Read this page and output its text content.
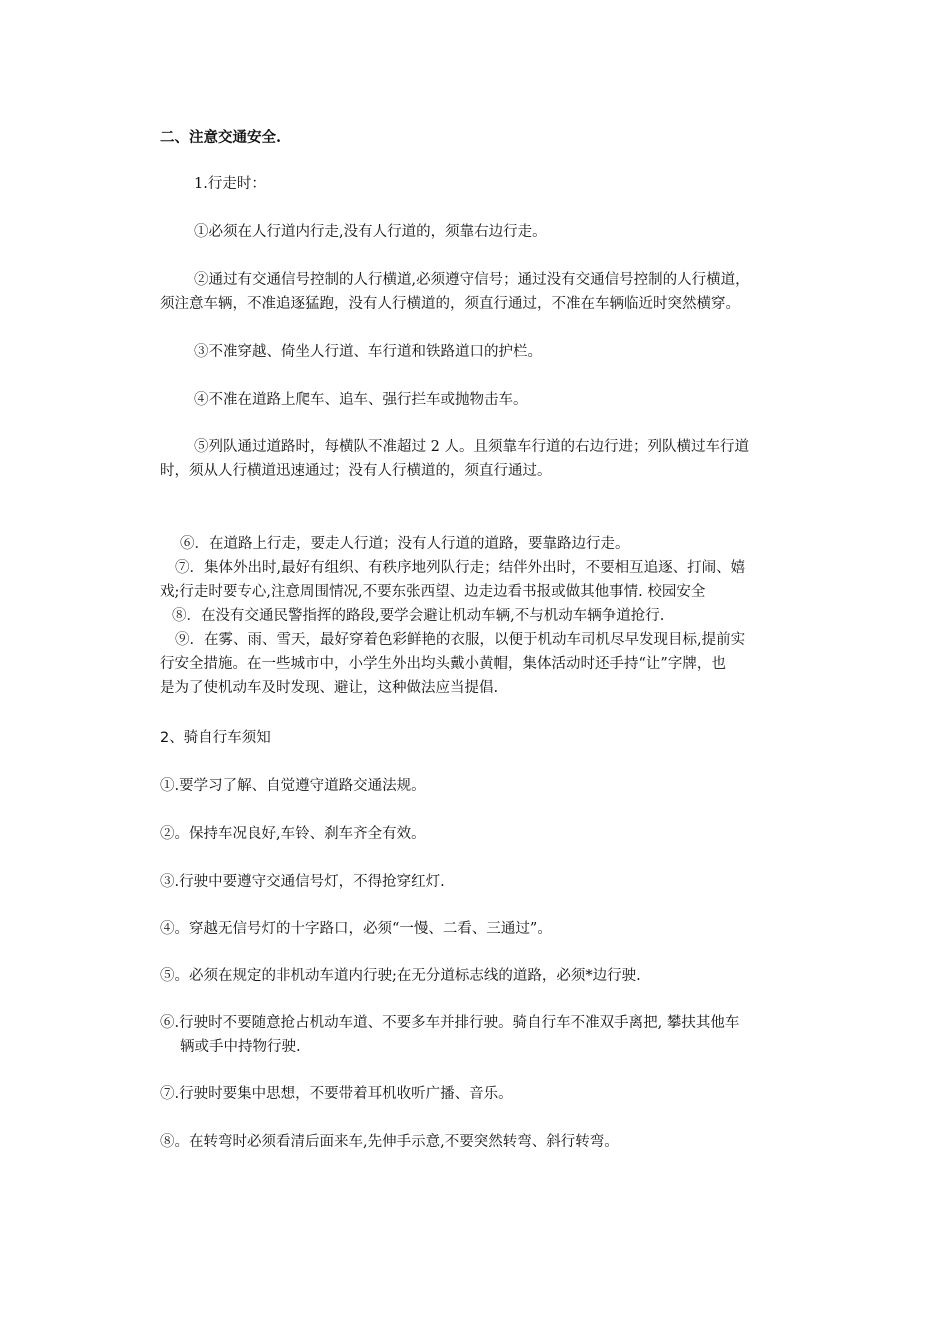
二、注意交通安全.
1.行走时：
①必须在人行道内行走,没有人行道的，须靠右边行走。
②通过有交通信号控制的人行横道,必须遵守信号；通过没有交通信号控制的人行横道，
须注意车辆，不准追逐猛跑，没有人行横道的，须直行通过，不准在车辆临近时突然横穿。
③不准穿越、倚坐人行道、车行道和铁路道口的护栏。
④不准在道路上爬车、追车、强行拦车或抛物击车。
⑤列队通过道路时，每横队不准超过 2 人。且须靠车行道的右边行进；列队横过车行道
时，须从人行横道迅速通过；没有人行横道的，须直行通过。
⑥．在道路上行走，要走人行道；没有人行道的道路，要靠路边行走。
⑦．集体外出时,最好有组织、有秩序地列队行走；结伴外出时，不要相互追逐、打闹、嬉
戏;行走时要专心,注意周围情况,不要东张西望、边走边看书报或做其他事情. 校园安全
⑧．在没有交通民警指挥的路段,要学会避让机动车辆,不与机动车辆争道抢行.
⑨．在雾、雨、雪天，最好穿着色彩鲜艳的衣服，以便于机动车司机尽早发现目标,提前实
行安全措施。在一些城市中，小学生外出均头戴小黄帽，集体活动时还手持“让”字牌，也
是为了使机动车及时发现、避让，这种做法应当提倡.
2、骑自行车须知
①.要学习了解、自觉遵守道路交通法规。
②。保持车况良好,车铃、刹车齐全有效。
③.行驶中要遵守交通信号灯，不得抢穿红灯.
④。穿越无信号灯的十字路口，必须“一慢、二看、三通过”。
⑤。必须在规定的非机动车道内行驶;在无分道标志线的道路，必须*边行驶.
⑥.行驶时不要随意抢占机动车道、不要多车并排行驶。骑自行车不准双手离把, 攀扶其他车
辆或手中持物行驶.
⑦.行驶时要集中思想，不要带着耳机收听广播、音乐。
⑧。在转弯时必须看清后面来车,先伸手示意,不要突然转弯、斜行转弯。
